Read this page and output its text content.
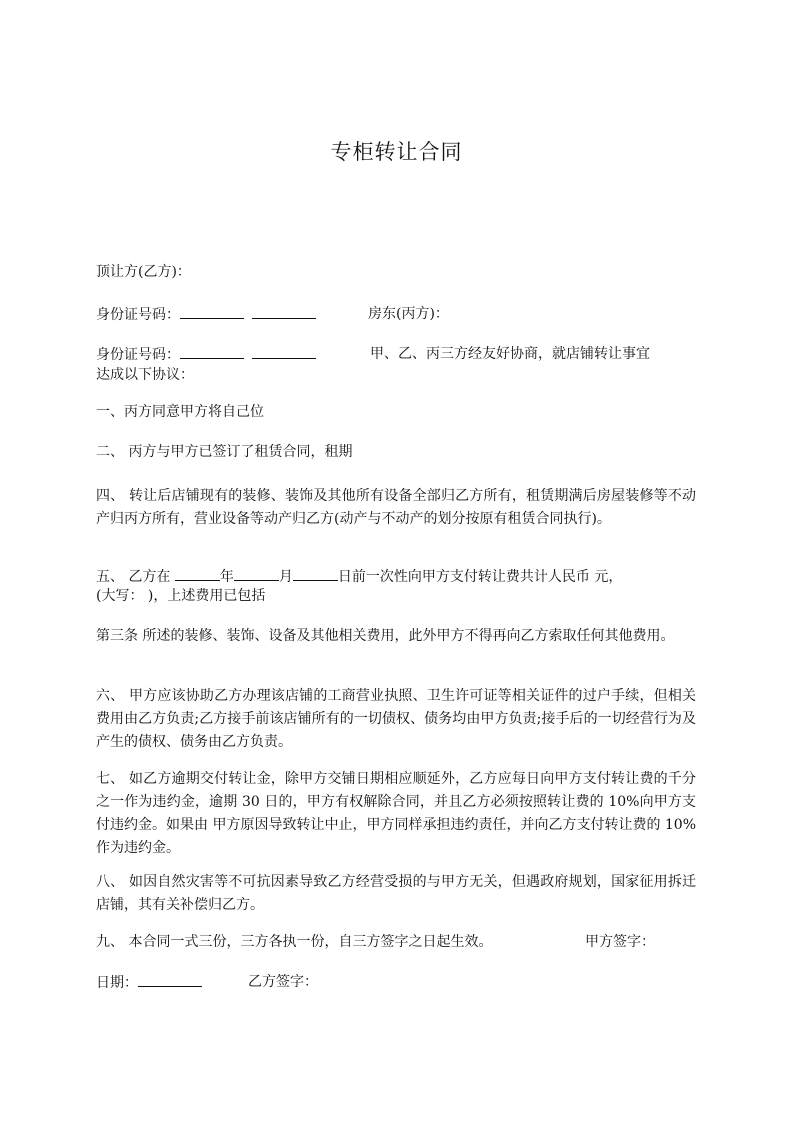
专柜转让合同
顶让方(乙方)：
身份证号码：	房东(丙方)：
身份证号码：	甲、乙、丙三方经友好协商，就店铺转让事宜
达成以下协议：
一、丙方同意甲方将自己位
二、 丙方与甲方已签订了租赁合同，租期
四、 转让后店铺现有的装修、装饰及其他所有设备全部归乙方所有，租赁期满后房屋装修等不动产归丙方所有，营业设备等动产归乙方(动产与不动产的划分按原有租赁合同执行)。
五、 乙方在	年	月	日前一次性向甲方支付转让费共计人民币 元，
(大写： )，上述费用已包括
第三条 所述的装修、装饰、设备及其他相关费用，此外甲方不得再向乙方索取任何其他费用。
六、 甲方应该协助乙方办理该店铺的工商营业执照、卫生许可证等相关证件的过户手续，但相关费用由乙方负责;乙方接手前该店铺所有的一切债权、债务均由甲方负责;接手后的一切经营行为及产生的债权、债务由乙方负责。
七、 如乙方逾期交付转让金，除甲方交铺日期相应顺延外，乙方应每日向甲方支付转让费的千分之一作为违约金，逾期 30 日的，甲方有权解除合同，并且乙方必须按照转让费的 10%向甲方支付违约金。如果由 甲方原因导致转让中止，甲方同样承担违约责任，并向乙方支付转让费的 10%作为违约金。
八、 如因自然灾害等不可抗因素导致乙方经营受损的与甲方无关，但遇政府规划，国家征用拆迁店铺，其有关补偿归乙方。
九、 本合同一式三份，三方各执一份，自三方签字之日起生效。	甲方签字：
日期：	乙方签字：
